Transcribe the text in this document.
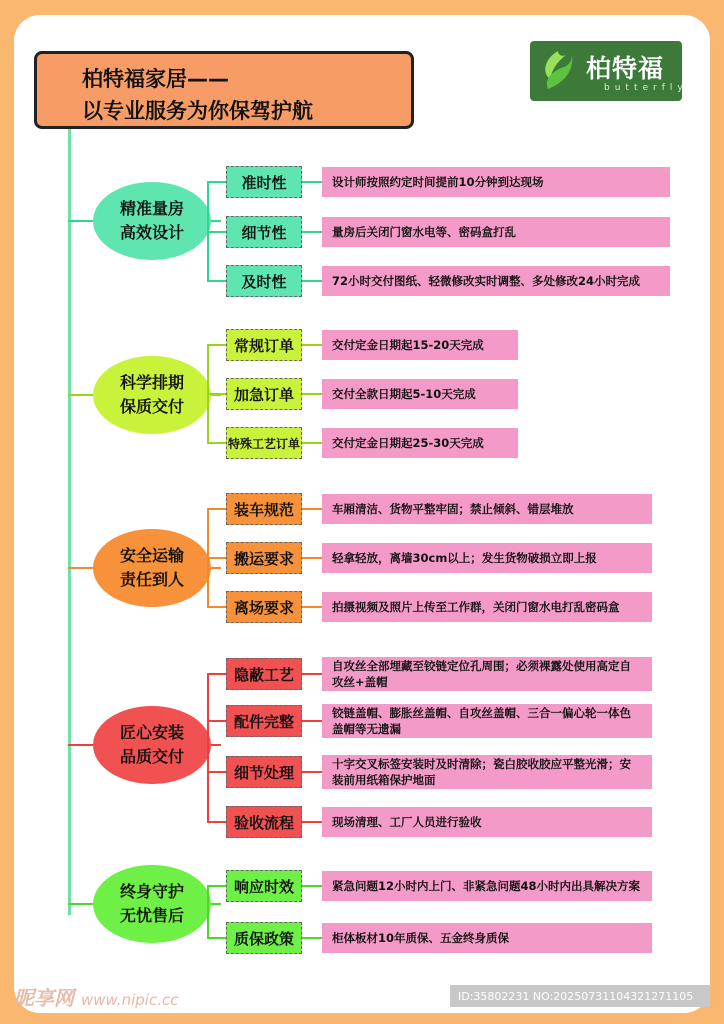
柏特福家居——
以专业服务为你保驾护航
柏特福
butterfly
精准量房
高效设计
准时性	设计师按照约定时间提前10分钟到达现场
细节性	量房后关闭门窗水电等、密码盒打乱
及时性	72小时交付图纸、轻微修改实时调整、多处修改24小时完成
科学排期
保质交付
常规订单	交付定金日期起15-20天完成
加急订单	交付全款日期起5-10天完成
特殊工艺订单	交付定金日期起25-30天完成
安全运输
责任到人
装车规范	车厢清洁、货物平整牢固；禁止倾斜、错层堆放
搬运要求	轻拿轻放，离墙30cm以上；发生货物破损立即上报
离场要求	拍摄视频及照片上传至工作群，关闭门窗水电打乱密码盒
匠心安装
品质交付
隐蔽工艺	自攻丝全部埋藏至铰链定位孔周围；必须裸露处使用高定自攻丝+盖帽
配件完整	铰链盖帽、膨胀丝盖帽、自攻丝盖帽、三合一偏心轮一体色盖帽等无遗漏
细节处理	十字交叉标签安装时及时清除；瓷白胶收胶应平整光滑；安装前用纸箱保护地面
验收流程	现场清理、工厂人员进行验收
终身守护
无忧售后
响应时效	紧急问题12小时内上门、非紧急问题48小时内出具解决方案
质保政策	柜体板材10年质保、五金终身质保
昵享网 www.nipic.cc	ID:35802231 NO:20250731104321271105
